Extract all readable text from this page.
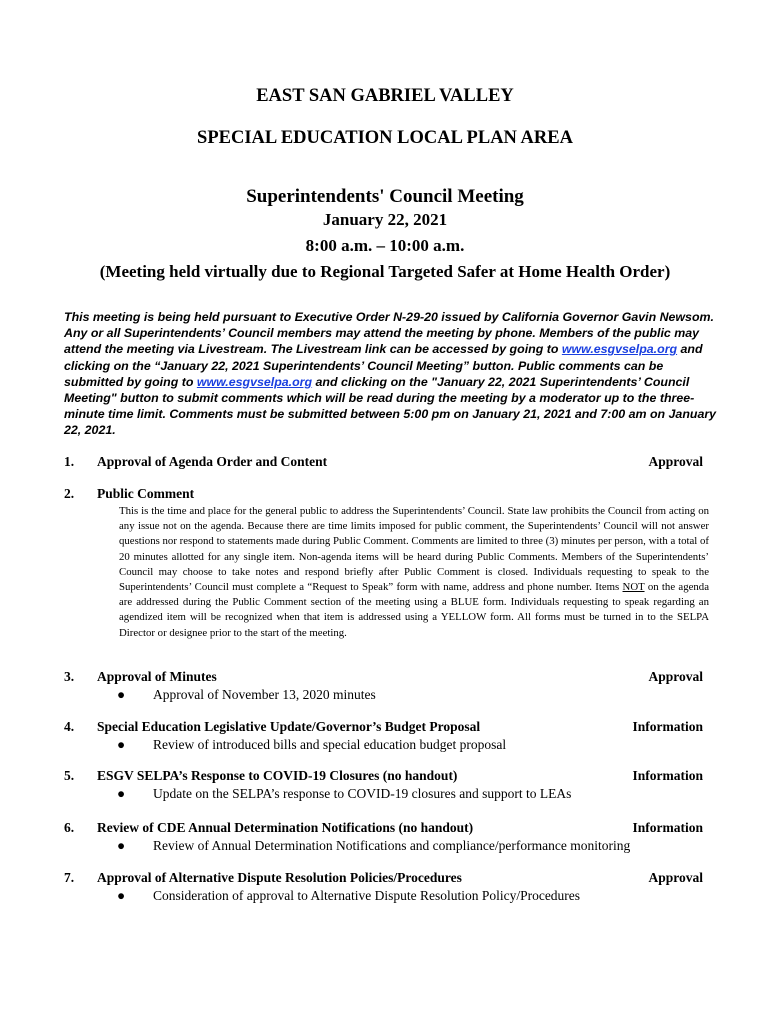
EAST SAN GABRIEL VALLEY
SPECIAL EDUCATION LOCAL PLAN AREA
Superintendents' Council Meeting
January 22, 2021
8:00 a.m. – 10:00 a.m.
(Meeting held virtually due to Regional Targeted Safer at Home Health Order)
This meeting is being held pursuant to Executive Order N-29-20 issued by California Governor Gavin Newsom. Any or all Superintendents’ Council members may attend the meeting by phone. Members of the public may attend the meeting via Livestream. The Livestream link can be accessed by going to www.esgvselpa.org and clicking on the “January 22, 2021 Superintendents’ Council Meeting” button. Public comments can be submitted by going to www.esgvselpa.org and clicking on the "January 22, 2021 Superintendents’ Council Meeting" button to submit comments which will be read during the meeting by a moderator up to the three-minute time limit. Comments must be submitted between 5:00 pm on January 21, 2021 and 7:00 am on January 22, 2021.
1. Approval of Agenda Order and Content	Approval
2. Public Comment
This is the time and place for the general public to address the Superintendents’ Council. State law prohibits the Council from acting on any issue not on the agenda. Because there are time limits imposed for public comment, the Superintendents’ Council will not answer questions nor respond to statements made during Public Comment. Comments are limited to three (3) minutes per person, with a total of 20 minutes allotted for any single item. Non-agenda items will be heard during Public Comments. Members of the Superintendents’ Council may choose to take notes and respond briefly after Public Comment is closed. Individuals requesting to speak to the Superintendents’ Council must complete a “Request to Speak” form with name, address and phone number. Items NOT on the agenda are addressed during the Public Comment section of the meeting using a BLUE form. Individuals requesting to speak regarding an agendized item will be recognized when that item is addressed using a YELLOW form. All forms must be turned in to the SELPA Director or designee prior to the start of the meeting.
3. Approval of Minutes	Approval
● Approval of November 13, 2020 minutes
4. Special Education Legislative Update/Governor’s Budget Proposal	Information
● Review of introduced bills and special education budget proposal
5. ESGV SELPA’s Response to COVID-19 Closures (no handout)	Information
● Update on the SELPA’s response to COVID-19 closures and support to LEAs
6. Review of CDE Annual Determination Notifications (no handout)	Information
● Review of Annual Determination Notifications and compliance/performance monitoring
7. Approval of Alternative Dispute Resolution Policies/Procedures	Approval
● Consideration of approval to Alternative Dispute Resolution Policy/Procedures
